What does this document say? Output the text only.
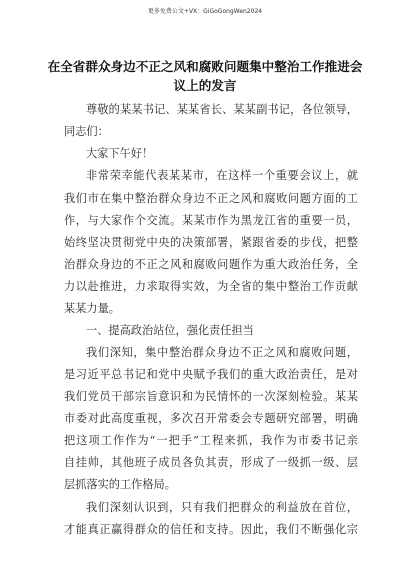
更多免费公文+VX：GiGoGongWen2024
在全省群众身边不正之风和腐败问题集中整治工作推进会
议上的发言
尊敬的某某书记、某某省长、某某副书记，各位领导，
同志们：
大家下午好！
非常荣幸能代表某某市，在这样一个重要会议上，就
我们市在集中整治群众身边不正之风和腐败问题方面的工
作，与大家作个交流。某某市作为黑龙江省的重要一员，
始终坚决贯彻党中央的决策部署，紧跟省委的步伐，把整
治群众身边的不正之风和腐败问题作为重大政治任务，全
力以赴推进，力求取得实效，为全省的集中整治工作贡献
某某力量。
一、提高政治站位，强化责任担当
我们深知，集中整治群众身边不正之风和腐败问题，
是习近平总书记和党中央赋予我们的重大政治责任，是对
我们党员干部宗旨意识和为民情怀的一次深刻检验。某某
市委对此高度重视，多次召开常委会专题研究部署，明确
把这项工作作为“一把手”工程来抓，我作为市委书记亲
自挂帅，其他班子成员各负其责，形成了一级抓一级、层
层抓落实的工作格局。
我们深刻认识到，只有我们把群众的利益放在首位，
才能真正赢得群众的信任和支持。因此，我们不断强化宗
